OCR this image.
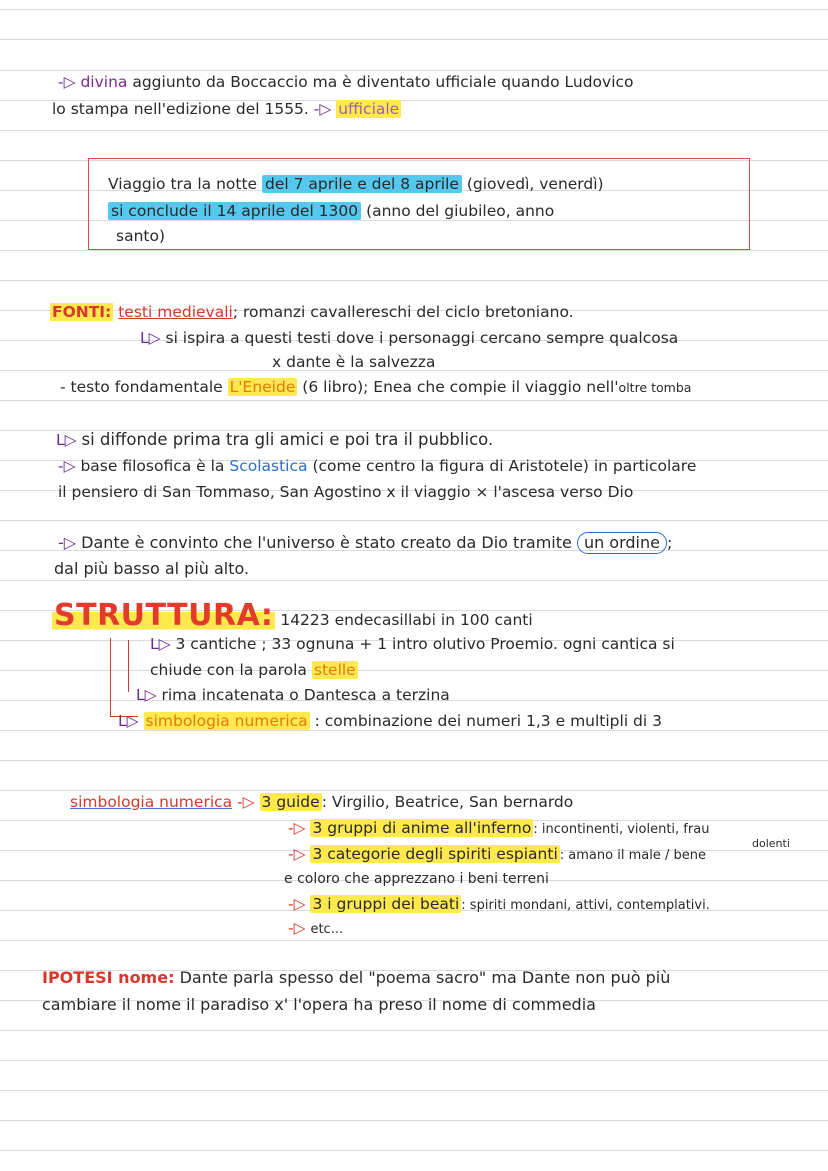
-▷ divina aggiunto da Boccaccio ma è diventato ufficiale quando Ludovico
lo stampa nell'edizione del 1555. -▷ ufficiale
Viaggio tra la notte del 7 aprile e del 8 aprile (giovedì, venerdì)
si conclude il 14 aprile del 1300 (anno del giubileo, anno
santo)
FONTI: testi medievali; romanzi cavallereschi del ciclo bretoniano.
L▷ si ispira a questi testi dove i personaggi cercano sempre qualcosa
x dante è la salvezza
- testo fondamentale L'Eneide (6 libro); Enea che compie il viaggio nell'oltre tomba
L▷ si diffonde prima tra gli amici e poi tra il pubblico.
-▷ base filosofica è la Scolastica (come centro la figura di Aristotele) in particolare
il pensiero di San Tommaso, San Agostino x il viaggio × l'ascesa verso Dio
-▷ Dante è convinto che l'universo è stato creato da Dio tramite un ordine ;
dal più basso al più alto.
STRUTTURA: 14223 endecasillabi in 100 canti
L▷ 3 cantiche ; 33 ognuna + 1 intro olutivo Proemio. ogni cantica si
chiude con la parola stelle
L▷ rima incatenata o Dantesca a terzina
L▷ simbologia numerica : combinazione dei numeri 1,3 e multipli di 3
simbologia numerica -▷ 3 guide : Virgilio, Beatrice, San bernardo
-▷ 3 gruppi di anime all'inferno : incontinenti, violenti, frau
dolenti
-▷ 3 categorie degli spiriti espianti : amano il male / bene
e coloro che apprezzano i beni terreni
-▷ 3 i gruppi dei beati : spiriti mondani, attivi, contemplativi.
-▷ etc...
IPOTESI nome: Dante parla spesso del "poema sacro" ma Dante non può più
cambiare il nome il paradiso x' l'opera ha preso il nome di commedia
